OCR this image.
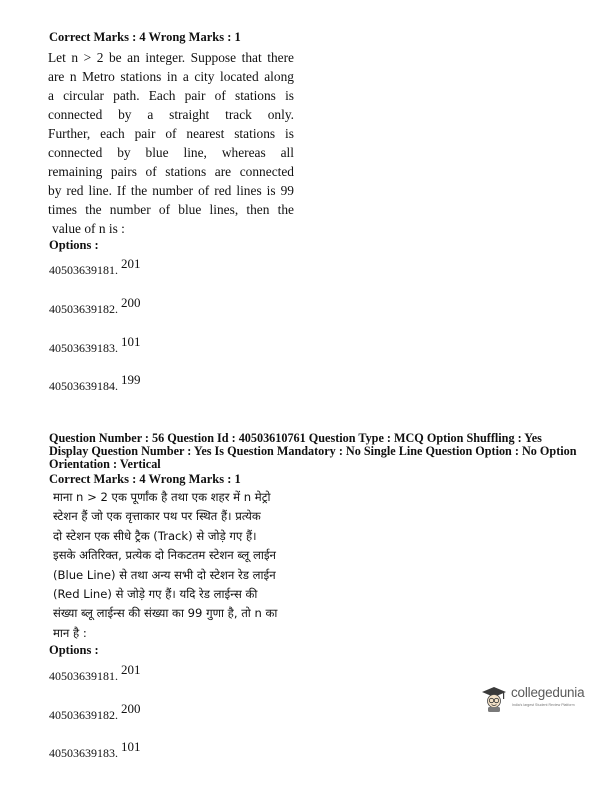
Correct Marks : 4 Wrong Marks : 1
Let n > 2 be an integer. Suppose that there
are n Metro stations in a city located along
a circular path. Each pair of stations is
connected by a straight track only.
Further, each pair of nearest stations is
connected by blue line, whereas all
remaining pairs of stations are connected
by red line. If the number of red lines is 99
times the number of blue lines, then the
value of n is :
Options :
40503639181. $^{201}$
40503639182. $^{200}$
40503639183. $^{101}$
40503639184. $^{199}$
Question Number : 56 Question Id : 40503610761 Question Type : MCQ Option Shuffling : Yes
Display Question Number : Yes Is Question Mandatory : No Single Line Question Option : No Option
Orientation : Vertical
Correct Marks : 4 Wrong Marks : 1
माना n > 2 एक पूर्णांक है तथा एक शहर में n मेट्रो
स्टेशन हैं जो एक वृत्ताकार पथ पर स्थित हैं। प्रत्येक
दो स्टेशन एक सीधे ट्रैक (Track) से जोड़े गए हैं।
इसके अतिरिक्त, प्रत्येक दो निकटतम स्टेशन ब्लू लाईन
(Blue Line) से तथा अन्य सभी दो स्टेशन रेड लाईन
(Red Line) से जोड़े गए हैं। यदि रेड लाईन्स की
संख्या ब्लू लाईन्स की संख्या का 99 गुणा है, तो n का
मान है :
Options :
40503639181. $^{201}$
40503639182. $^{200}$
40503639183. $^{101}$
collegedunia
India's largest Student Review Platform
